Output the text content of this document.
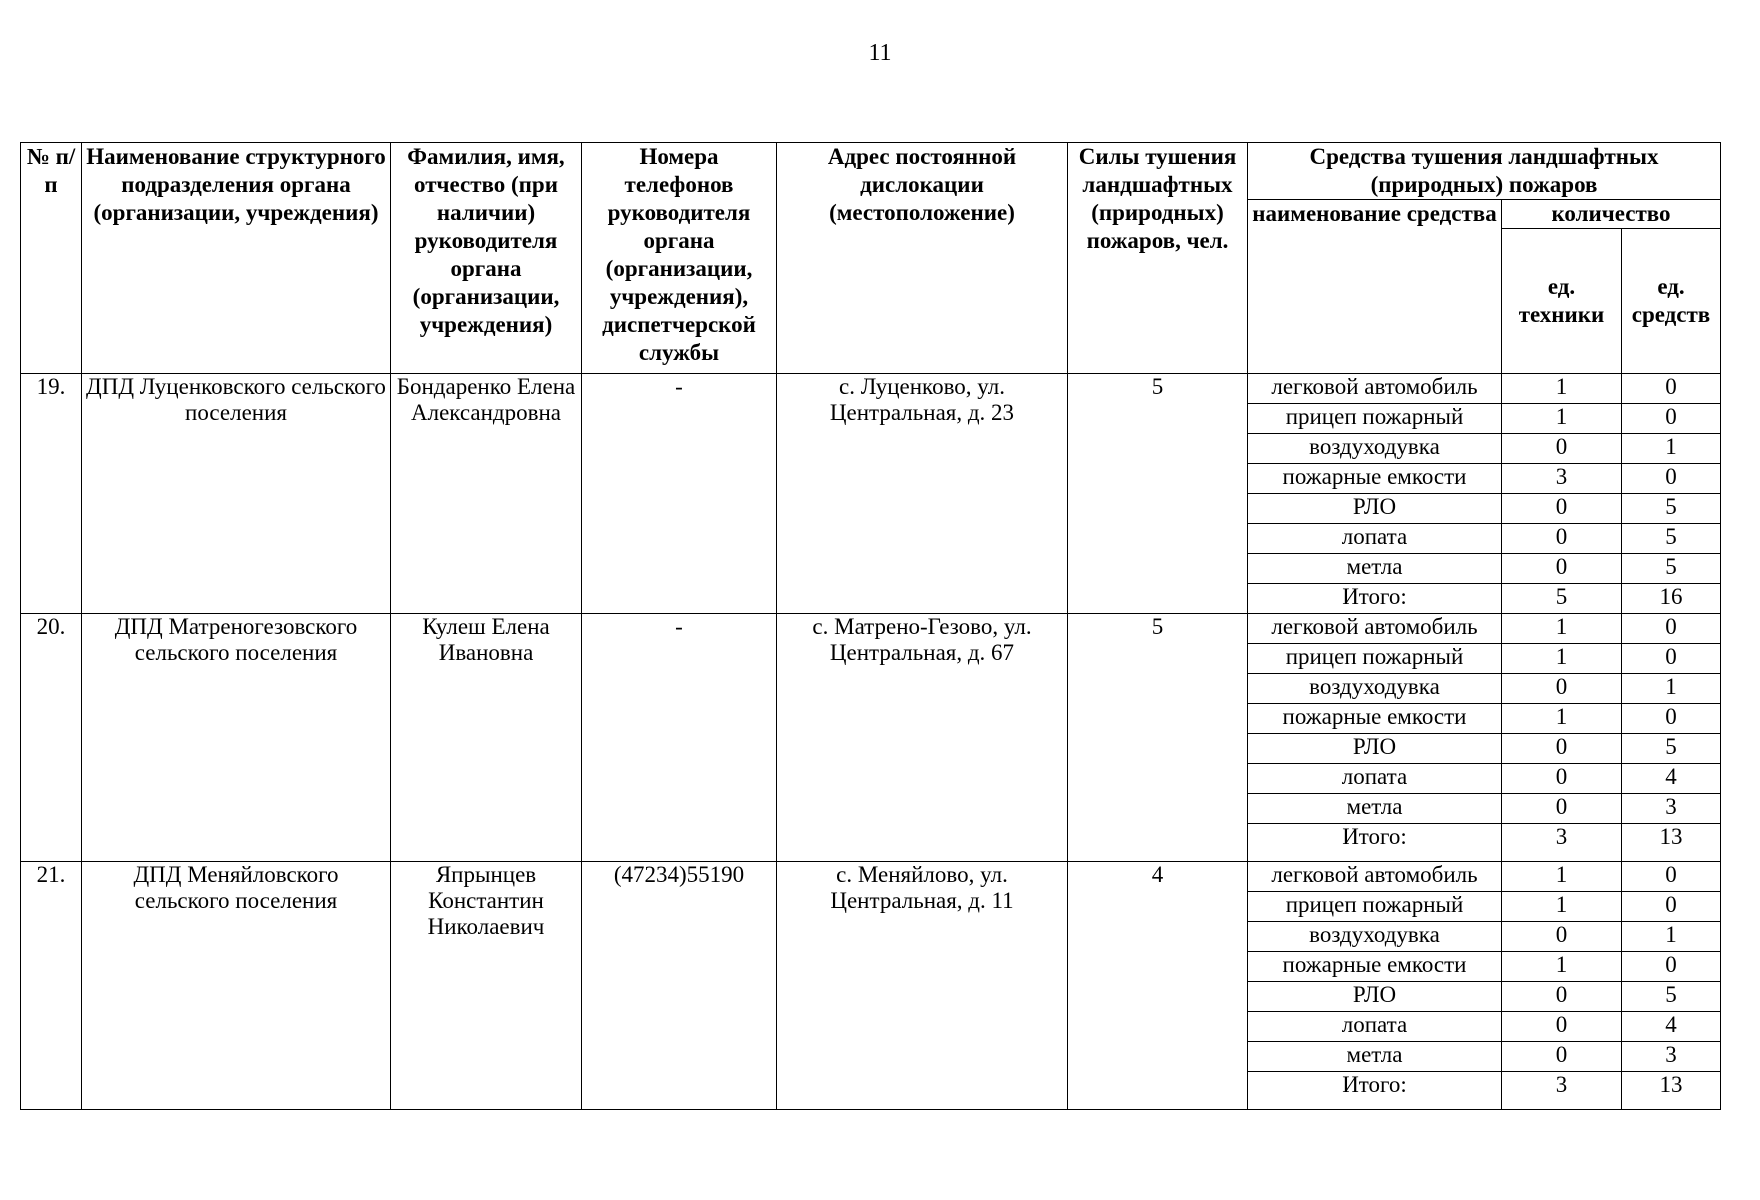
11
№ п/п	Наименование структурного подразделения органа (организации, учреждения)	Фамилия, имя, отчество (при наличии) руководителя органа (организации, учреждения)	Номера телефонов руководителя органа (организации, учреждения), диспетчерской службы	Адрес постоянной дислокации (местоположение)	Силы тушения ландшафтных (природных) пожаров, чел.	Средства тушения ландшафтных (природных) пожаров		
						наименование средства	количество	
							ед. техники	ед. средств
19.	ДПД Луценковского сельского поселения	Бондаренко Елена Александровна	-	с. Луценково, ул. Центральная, д. 23	5	легковой автомобиль	1	0
						прицеп пожарный	1	0
						воздуходувка	0	1
						пожарные емкости	3	0
						РЛО	0	5
						лопата	0	5
						метла	0	5
						Итого:	5	16
20.	ДПД Матреногезовского сельского поселения	Кулеш Елена Ивановна	-	с. Матрено-Гезово, ул. Центральная, д. 67	5	легковой автомобиль	1	0
						прицеп пожарный	1	0
						воздуходувка	0	1
						пожарные емкости	1	0
						РЛО	0	5
						лопата	0	4
						метла	0	3
						Итого:	3	13
21.	ДПД Меняйловского сельского поселения	Япрынцев Константин Николаевич	(47234)55190	с. Меняйлово, ул. Центральная, д. 11	4	легковой автомобиль	1	0
						прицеп пожарный	1	0
						воздуходувка	0	1
						пожарные емкости	1	0
						РЛО	0	5
						лопата	0	4
						метла	0	3
						Итого:	3	13
